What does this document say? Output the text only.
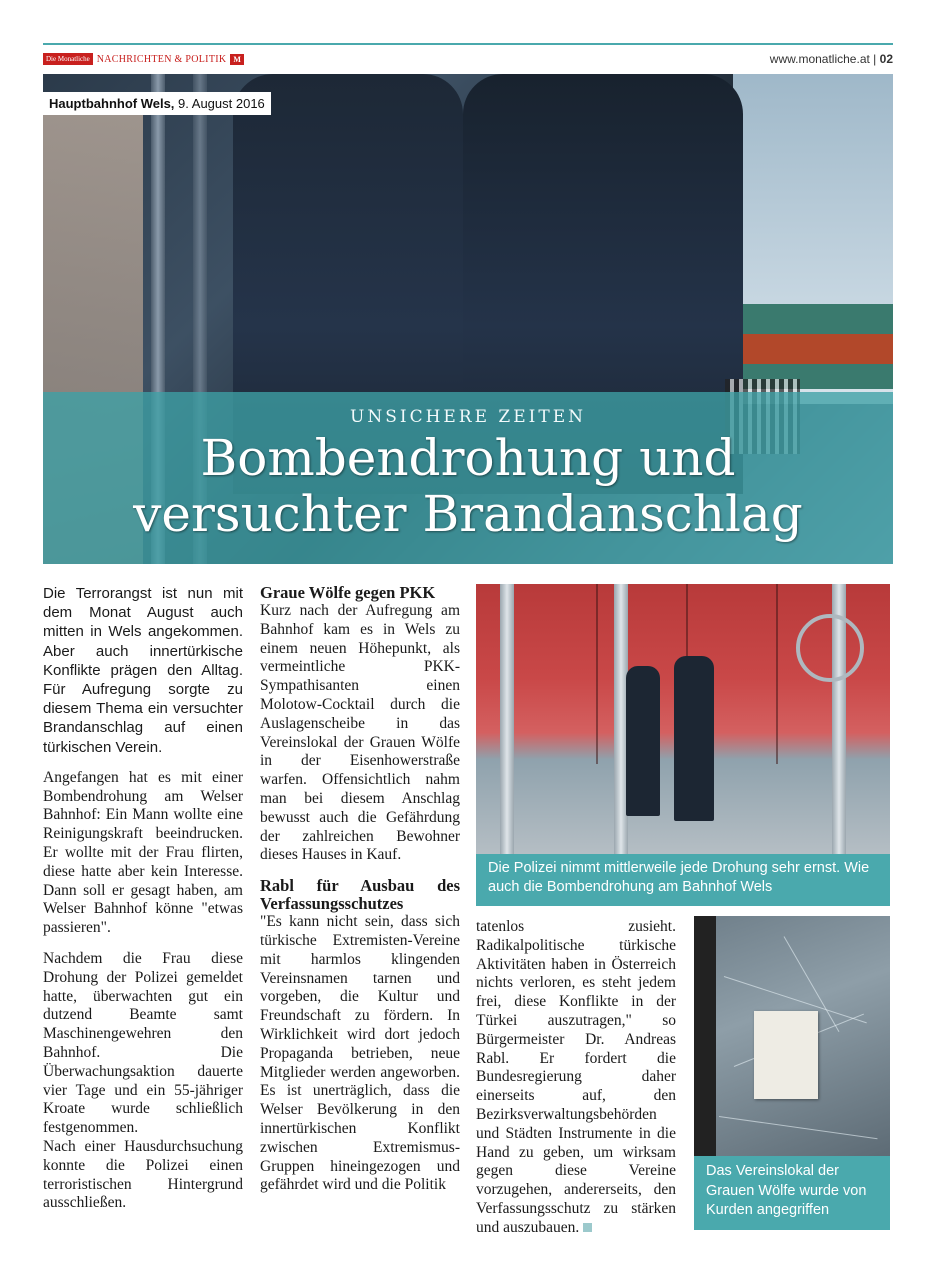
Die Monatliche NACHRICHTEN & POLITIK M	www.monatliche.at | 02
Hauptbahnhof Wels, 9. August 2016
UNSICHERE ZEITEN
Bombendrohung und
versuchter Brandanschlag

Die Terrorangst ist nun mit dem Monat August auch mitten in Wels angekommen. Aber auch innertürkische Konflikte prägen den Alltag. Für Aufregung sorgte zu diesem Thema ein versuchter Brandanschlag auf einen türkischen Verein.

Angefangen hat es mit einer Bombendrohung am Welser Bahnhof: Ein Mann wollte eine Reinigungskraft beeindrucken. Er wollte mit der Frau flirten, diese hatte aber kein Interesse. Dann soll er gesagt haben, am Welser Bahnhof könne "etwas passieren".

Nachdem die Frau diese Drohung der Polizei gemeldet hatte, überwachten gut ein dutzend Beamte samt Maschinengewehren den Bahnhof. Die Überwachungsaktion dauerte vier Tage und ein 55-jähriger Kroate wurde schließlich festgenommen.

Nach einer Hausdurchsuchung konnte die Polizei einen terroristischen Hintergrund ausschließen.

Graue Wölfe gegen PKK

Kurz nach der Aufregung am Bahnhof kam es in Wels zu einem neuen Höhepunkt, als vermeintliche PKK-Sympathisanten einen Molotow-Cocktail durch die Auslagenscheibe in das Vereinslokal der Grauen Wölfe in der Eisenhowerstraße warfen. Offensichtlich nahm man bei diesem Anschlag bewusst auch die Gefährdung der zahlreichen Bewohner dieses Hauses in Kauf.

Rabl für Ausbau des Verfassungsschutzes

"Es kann nicht sein, dass sich türkische Extremisten-Vereine mit harmlos klingenden Vereinsnamen tarnen und vorgeben, die Kultur und Freundschaft zu fördern. In Wirklichkeit wird dort jedoch Propaganda betrieben, neue Mitglieder werden angeworben. Es ist unerträglich, dass die Welser Bevölkerung in den innertürkischen Konflikt zwischen Extremismus-Gruppen hineingezogen und gefährdet wird und die Politik

tatenlos zusieht. Radikalpolitische türkische Aktivitäten haben in Österreich nichts verloren, es steht jedem frei, diese Konflikte in der Türkei auszutragen," so Bürgermeister Dr. Andreas Rabl. Er fordert die Bundesregierung daher einerseits auf, den Bezirksverwaltungsbehörden und Städten Instrumente in die Hand zu geben, um wirksam gegen diese Vereine vorzugehen, andererseits, den Verfassungsschutz zu stärken und auszubauen.

Die Polizei nimmt mittlerweile jede Drohung sehr ernst. Wie auch die Bombendrohung am Bahnhof Wels
Das Vereinslokal der Grauen Wölfe wurde von Kurden angegriffen
